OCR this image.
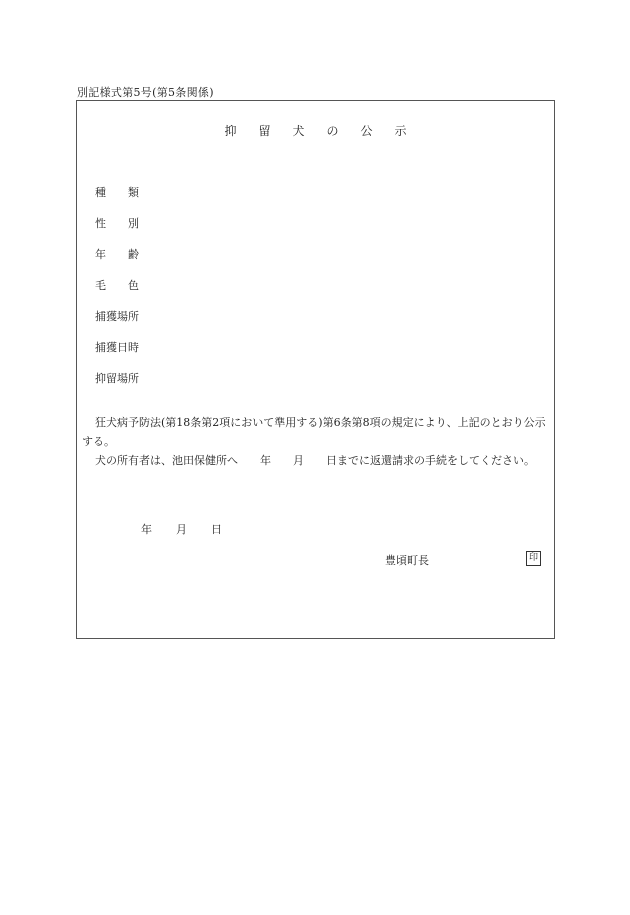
別記様式第5号(第5条関係)
抑 留 犬 の 公 示
種 類
性 別
年 齢
毛 色
捕獲場所
捕獲日時
抑留場所
狂犬病予防法(第18条第2項において準用する)第6条第8項の規定により、上記のとおり公示する。
犬の所有者は、池田保健所へ 年 月 日までに返還請求の手続をしてください。
年 月 日
豊頃町長	印
